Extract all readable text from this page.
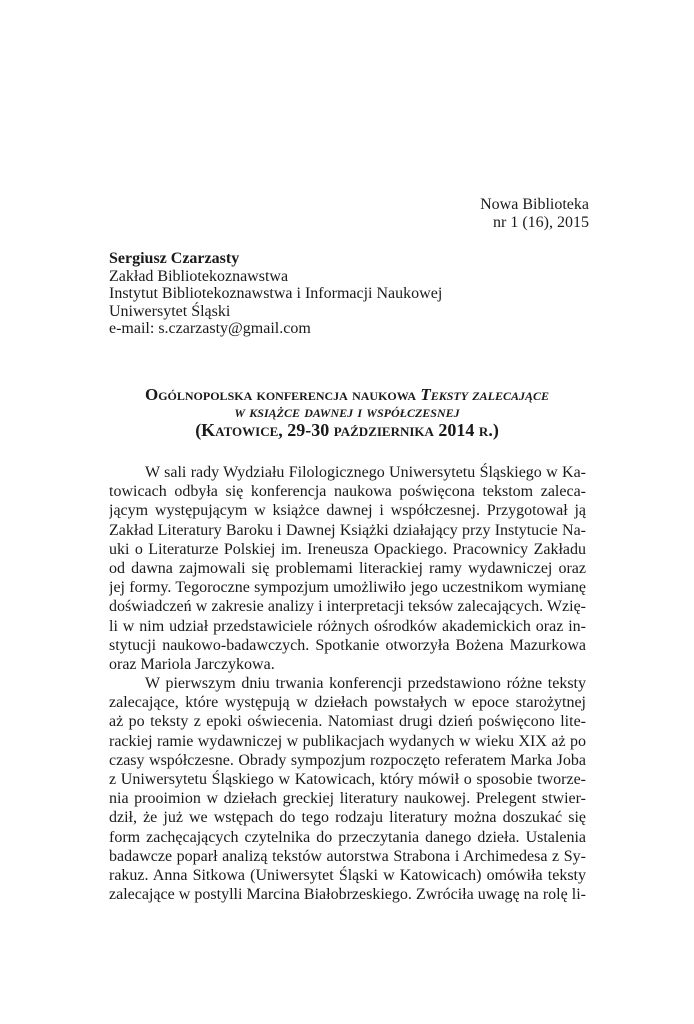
Nowa Biblioteka
nr 1 (16), 2015
Sergiusz Czarzasty
Zakład Bibliotekoznawstwa
Instytut Bibliotekoznawstwa i Informacji Naukowej
Uniwersytet Śląski
e-mail: s.czarzasty@gmail.com
Ogólnopolska konferencja naukowa Teksty zalecające
w książce dawnej i współczesnej
(Katowice, 29-30 października 2014 r.)
W sali rady Wydziału Filologicznego Uniwersytetu Śląskiego w Ka-
towicach odbyła się konferencja naukowa poświęcona tekstom zaleca-
jącym występującym w książce dawnej i współczesnej. Przygotował ją
Zakład Literatury Baroku i Dawnej Książki działający przy Instytucie Na-
uki o Literaturze Polskiej im. Ireneusza Opackiego. Pracownicy Zakładu
od dawna zajmowali się problemami literackiej ramy wydawniczej oraz
jej formy. Tegoroczne sympozjum umożliwiło jego uczestnikom wymianę
doświadczeń w zakresie analizy i interpretacji teksów zalecających. Wzię-
li w nim udział przedstawiciele różnych ośrodków akademickich oraz in-
stytucji naukowo-badawczych. Spotkanie otworzyła Bożena Mazurkowa
oraz Mariola Jarczykowa.
W pierwszym dniu trwania konferencji przedstawiono różne teksty
zalecające, które występują w dziełach powstałych w epoce starożytnej
aż po teksty z epoki oświecenia. Natomiast drugi dzień poświęcono lite-
rackiej ramie wydawniczej w publikacjach wydanych w wieku XIX aż po
czasy współczesne. Obrady sympozjum rozpoczęto referatem Marka Joba
z Uniwersytetu Śląskiego w Katowicach, który mówił o sposobie tworze-
nia prooimion w dziełach greckiej literatury naukowej. Prelegent stwier-
dził, że już we wstępach do tego rodzaju literatury można doszukać się
form zachęcających czytelnika do przeczytania danego dzieła. Ustalenia
badawcze poparł analizą tekstów autorstwa Strabona i Archimedesa z Sy-
rakuz. Anna Sitkowa (Uniwersytet Śląski w Katowicach) omówiła teksty
zalecające w postylli Marcina Białobrzeskiego. Zwróciła uwagę na rolę li-
